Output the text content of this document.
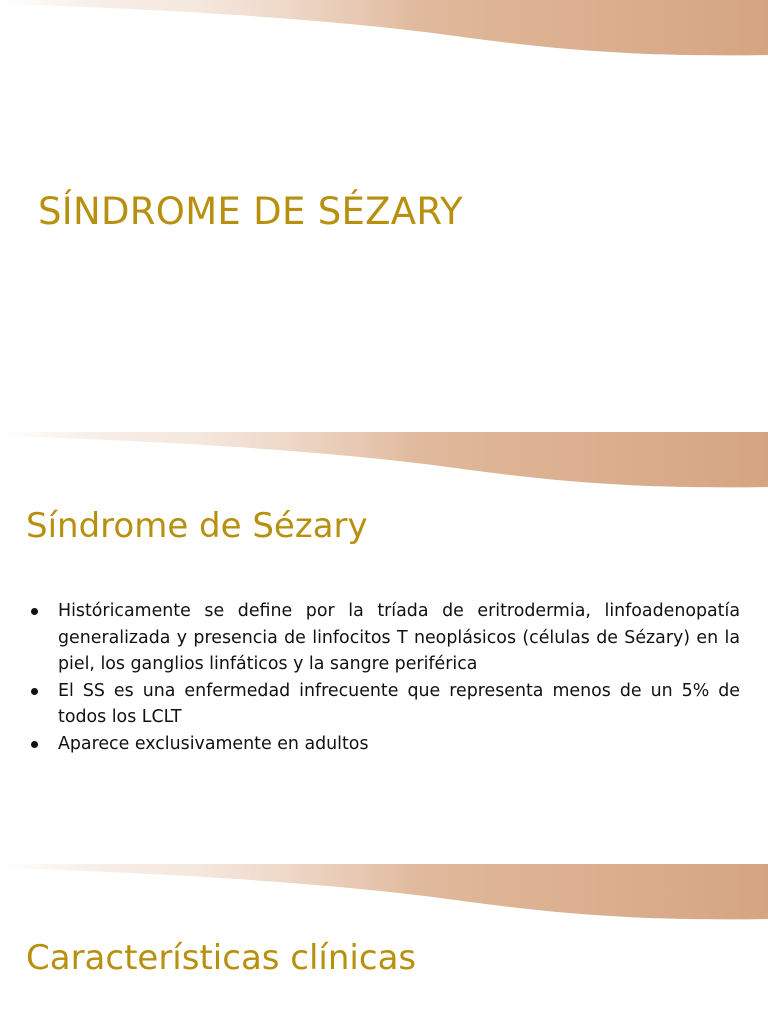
SÍNDROME DE SÉZARY
Síndrome de Sézary
Históricamente se define por la tríada de eritrodermia, linfoadenopatía generalizada y presencia de linfocitos T neoplásicos (células de Sézary) en la piel, los ganglios linfáticos y la sangre periférica
El SS es una enfermedad infrecuente que representa menos de un 5% de todos los LCLT
Aparece exclusivamente en adultos
Características clínicas
